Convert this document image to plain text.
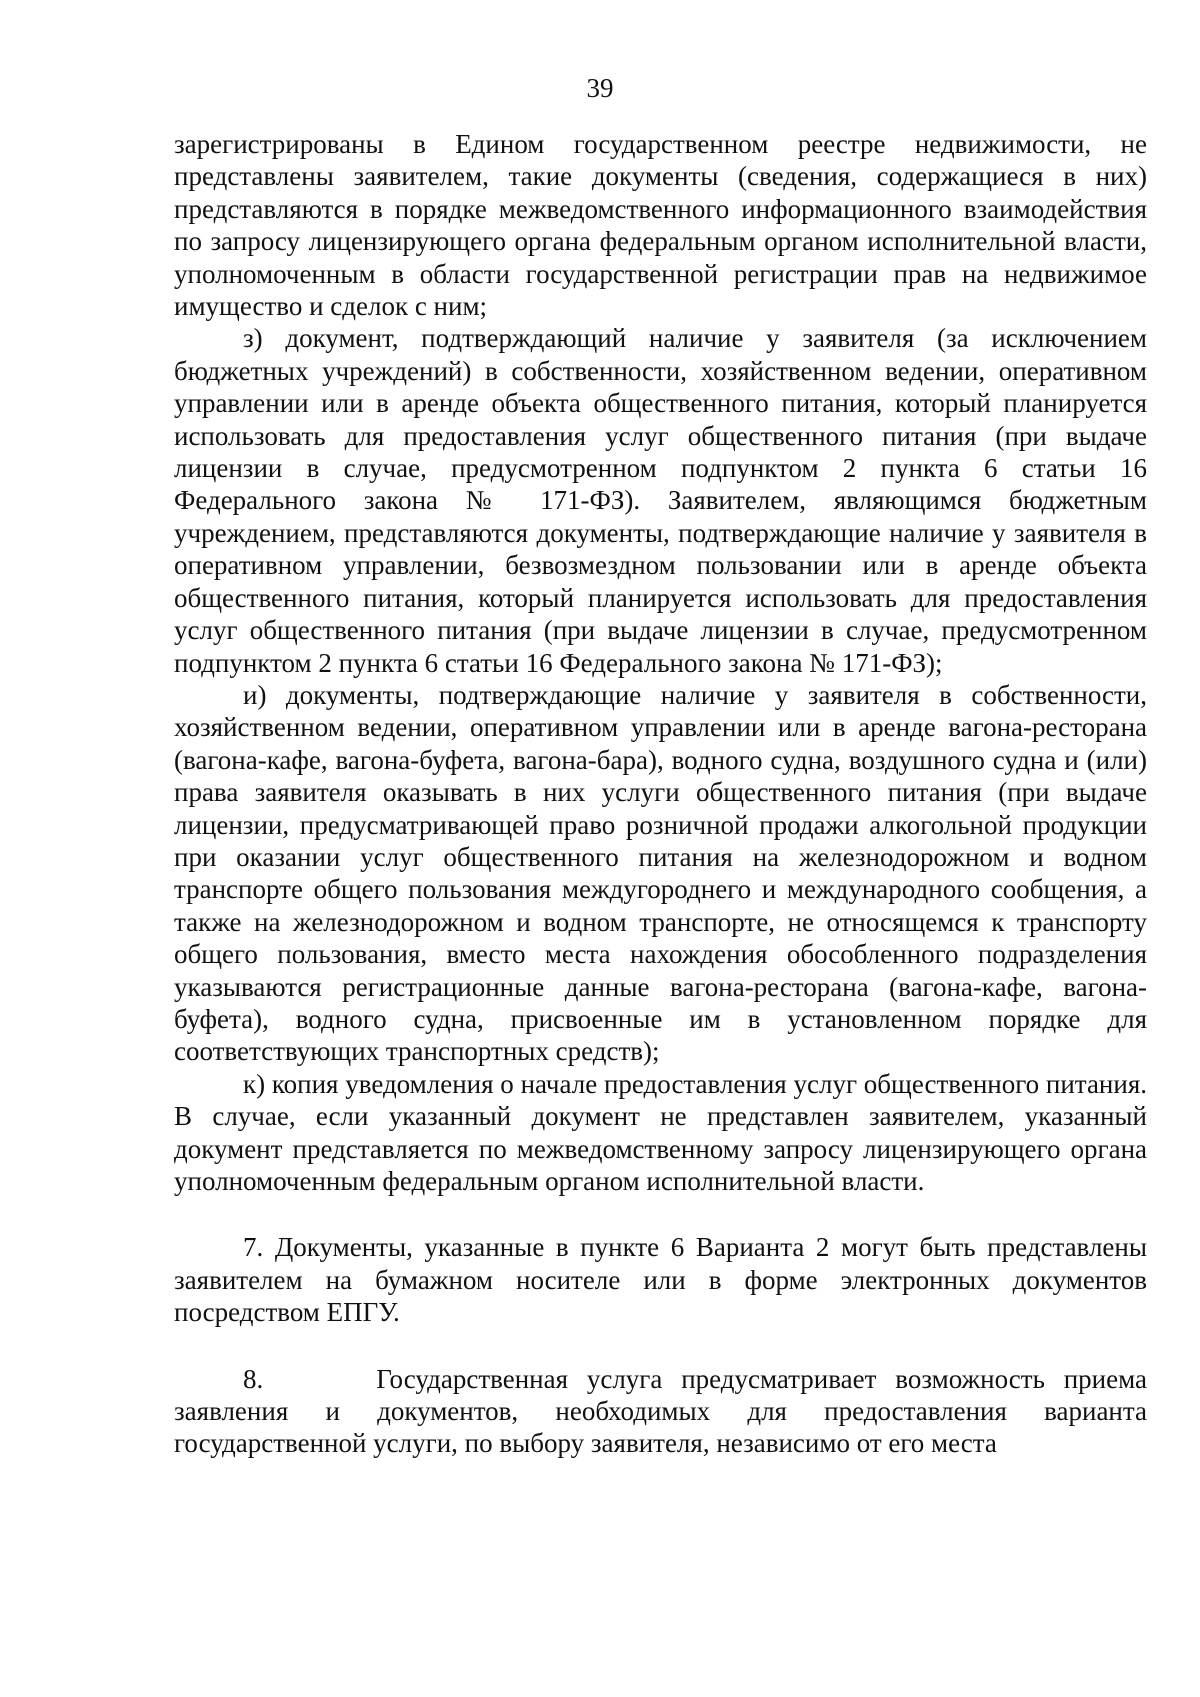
39

зарегистрированы в Едином государственном реестре недвижимости, не представлены заявителем, такие документы (сведения, содержащиеся в них) представляются в порядке межведомственного информационного взаимодействия по запросу лицензирующего органа федеральным органом исполнительной власти, уполномоченным в области государственной регистрации прав на недвижимое имущество и сделок с ним;

з) документ, подтверждающий наличие у заявителя (за исключением бюджетных учреждений) в собственности, хозяйственном ведении, оперативном управлении или в аренде объекта общественного питания, который планируется использовать для предоставления услуг общественного питания (при выдаче лицензии в случае, предусмотренном подпунктом 2 пункта 6 статьи 16 Федерального закона № 171-ФЗ). Заявителем, являющимся бюджетным учреждением, представляются документы, подтверждающие наличие у заявителя в оперативном управлении, безвозмездном пользовании или в аренде объекта общественного питания, который планируется использовать для предоставления услуг общественного питания (при выдаче лицензии в случае, предусмотренном подпунктом 2 пункта 6 статьи 16 Федерального закона № 171-ФЗ);

и) документы, подтверждающие наличие у заявителя в собственности, хозяйственном ведении, оперативном управлении или в аренде вагона-ресторана (вагона-кафе, вагона-буфета, вагона-бара), водного судна, воздушного судна и (или) права заявителя оказывать в них услуги общественного питания (при выдаче лицензии, предусматривающей право розничной продажи алкогольной продукции при оказании услуг общественного питания на железнодорожном и водном транспорте общего пользования междугороднего и международного сообщения, а также на железнодорожном и водном транспорте, не относящемся к транспорту общего пользования, вместо места нахождения обособленного подразделения указываются регистрационные данные вагона-ресторана (вагона-кафе, вагона-буфета), водного судна, присвоенные им в установленном порядке для соответствующих транспортных средств);

к) копия уведомления о начале предоставления услуг общественного питания. В случае, если указанный документ не представлен заявителем, указанный документ представляется по межведомственному запросу лицензирующего органа уполномоченным федеральным органом исполнительной власти.

7. Документы, указанные в пункте 6 Варианта 2 могут быть представлены заявителем на бумажном носителе или в форме электронных документов посредством ЕПГУ.

8.      Государственная услуга предусматривает возможность приема заявления и документов, необходимых для предоставления варианта государственной услуги, по выбору заявителя, независимо от его места
